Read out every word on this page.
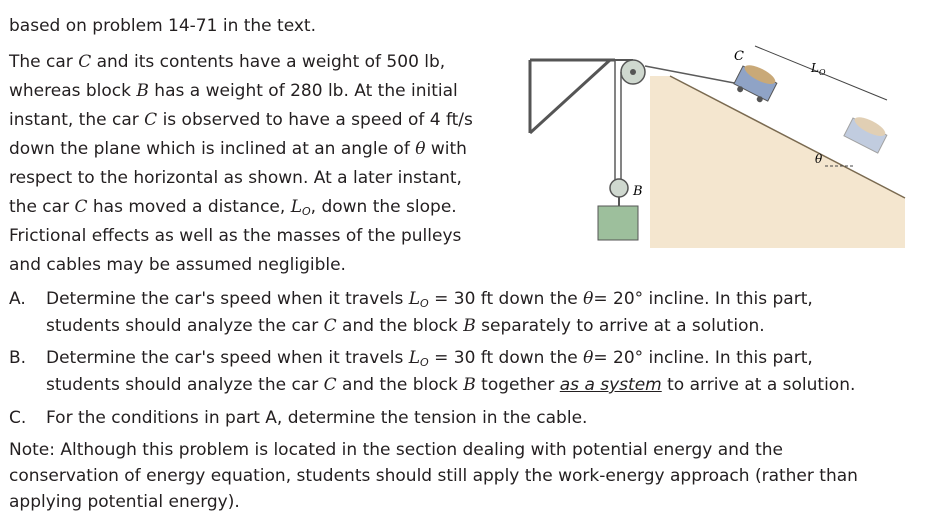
based on problem 14-71 in the text.
The car C and its contents have a weight of 500 lb,
whereas block B has a weight of 280 lb. At the initial
instant, the car C is observed to have a speed of 4 ft/s
down the plane which is inclined at an angle of θ with
respect to the horizontal as shown. At a later instant,
the car C has moved a distance, $L_O$, down the slope.
Frictional effects as well as the masses of the pulleys
and cables may be assumed negligible.
A. Determine the car's speed when it travels $L_O = 30$ ft down the θ= 20° incline. In this part,
students should analyze the car C and the block B separately to arrive at a solution.
B. Determine the car's speed when it travels $L_O = 30$ ft down the θ= 20° incline. In this part,
students should analyze the car C and the block B together as a system to arrive at a solution.
C. For the conditions in part A, determine the tension in the cable.
Note: Although this problem is located in the section dealing with potential energy and the
conservation of energy equation, students should still apply the work-energy approach (rather than
applying potential energy).
B
C
$L_O$
θ
